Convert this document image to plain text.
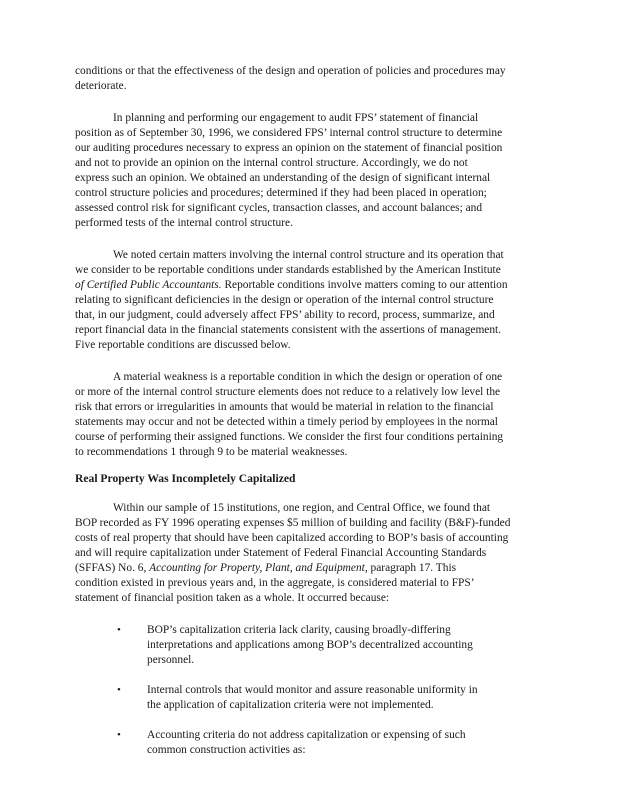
conditions or that the effectiveness of the design and operation of policies and procedures may
deteriorate.
In planning and performing our engagement to audit FPS’ statement of financial
position as of September 30, 1996, we considered FPS’ internal control structure to determine
our auditing procedures necessary to express an opinion on the statement of financial position
and not to provide an opinion on the internal control structure. Accordingly, we do not
express such an opinion. We obtained an understanding of the design of significant internal
control structure policies and procedures; determined if they had been placed in operation;
assessed control risk for significant cycles, transaction classes, and account balances; and
performed tests of the internal control structure.
We noted certain matters involving the internal control structure and its operation that
we consider to be reportable conditions under standards established by the American Institute
of Certified Public Accountants. Reportable conditions involve matters coming to our attention
relating to significant deficiencies in the design or operation of the internal control structure
that, in our judgment, could adversely affect FPS’ ability to record, process, summarize, and
report financial data in the financial statements consistent with the assertions of management.
Five reportable conditions are discussed below.
A material weakness is a reportable condition in which the design or operation of one
or more of the internal control structure elements does not reduce to a relatively low level the
risk that errors or irregularities in amounts that would be material in relation to the financial
statements may occur and not be detected within a timely period by employees in the normal
course of performing their assigned functions. We consider the first four conditions pertaining
to recommendations 1 through 9 to be material weaknesses.
Real Property Was Incompletely Capitalized
Within our sample of 15 institutions, one region, and Central Office, we found that
BOP recorded as FY 1996 operating expenses $5 million of building and facility (B&F)-funded
costs of real property that should have been capitalized according to BOP’s basis of accounting
and will require capitalization under Statement of Federal Financial Accounting Standards
(SFFAS) No. 6, Accounting for Property, Plant, and Equipment, paragraph 17. This
condition existed in previous years and, in the aggregate, is considered material to FPS’
statement of financial position taken as a whole. It occurred because:
• BOP’s capitalization criteria lack clarity, causing broadly-differing
interpretations and applications among BOP’s decentralized accounting
personnel.
• Internal controls that would monitor and assure reasonable uniformity in
the application of capitalization criteria were not implemented.
• Accounting criteria do not address capitalization or expensing of such
common construction activities as:
